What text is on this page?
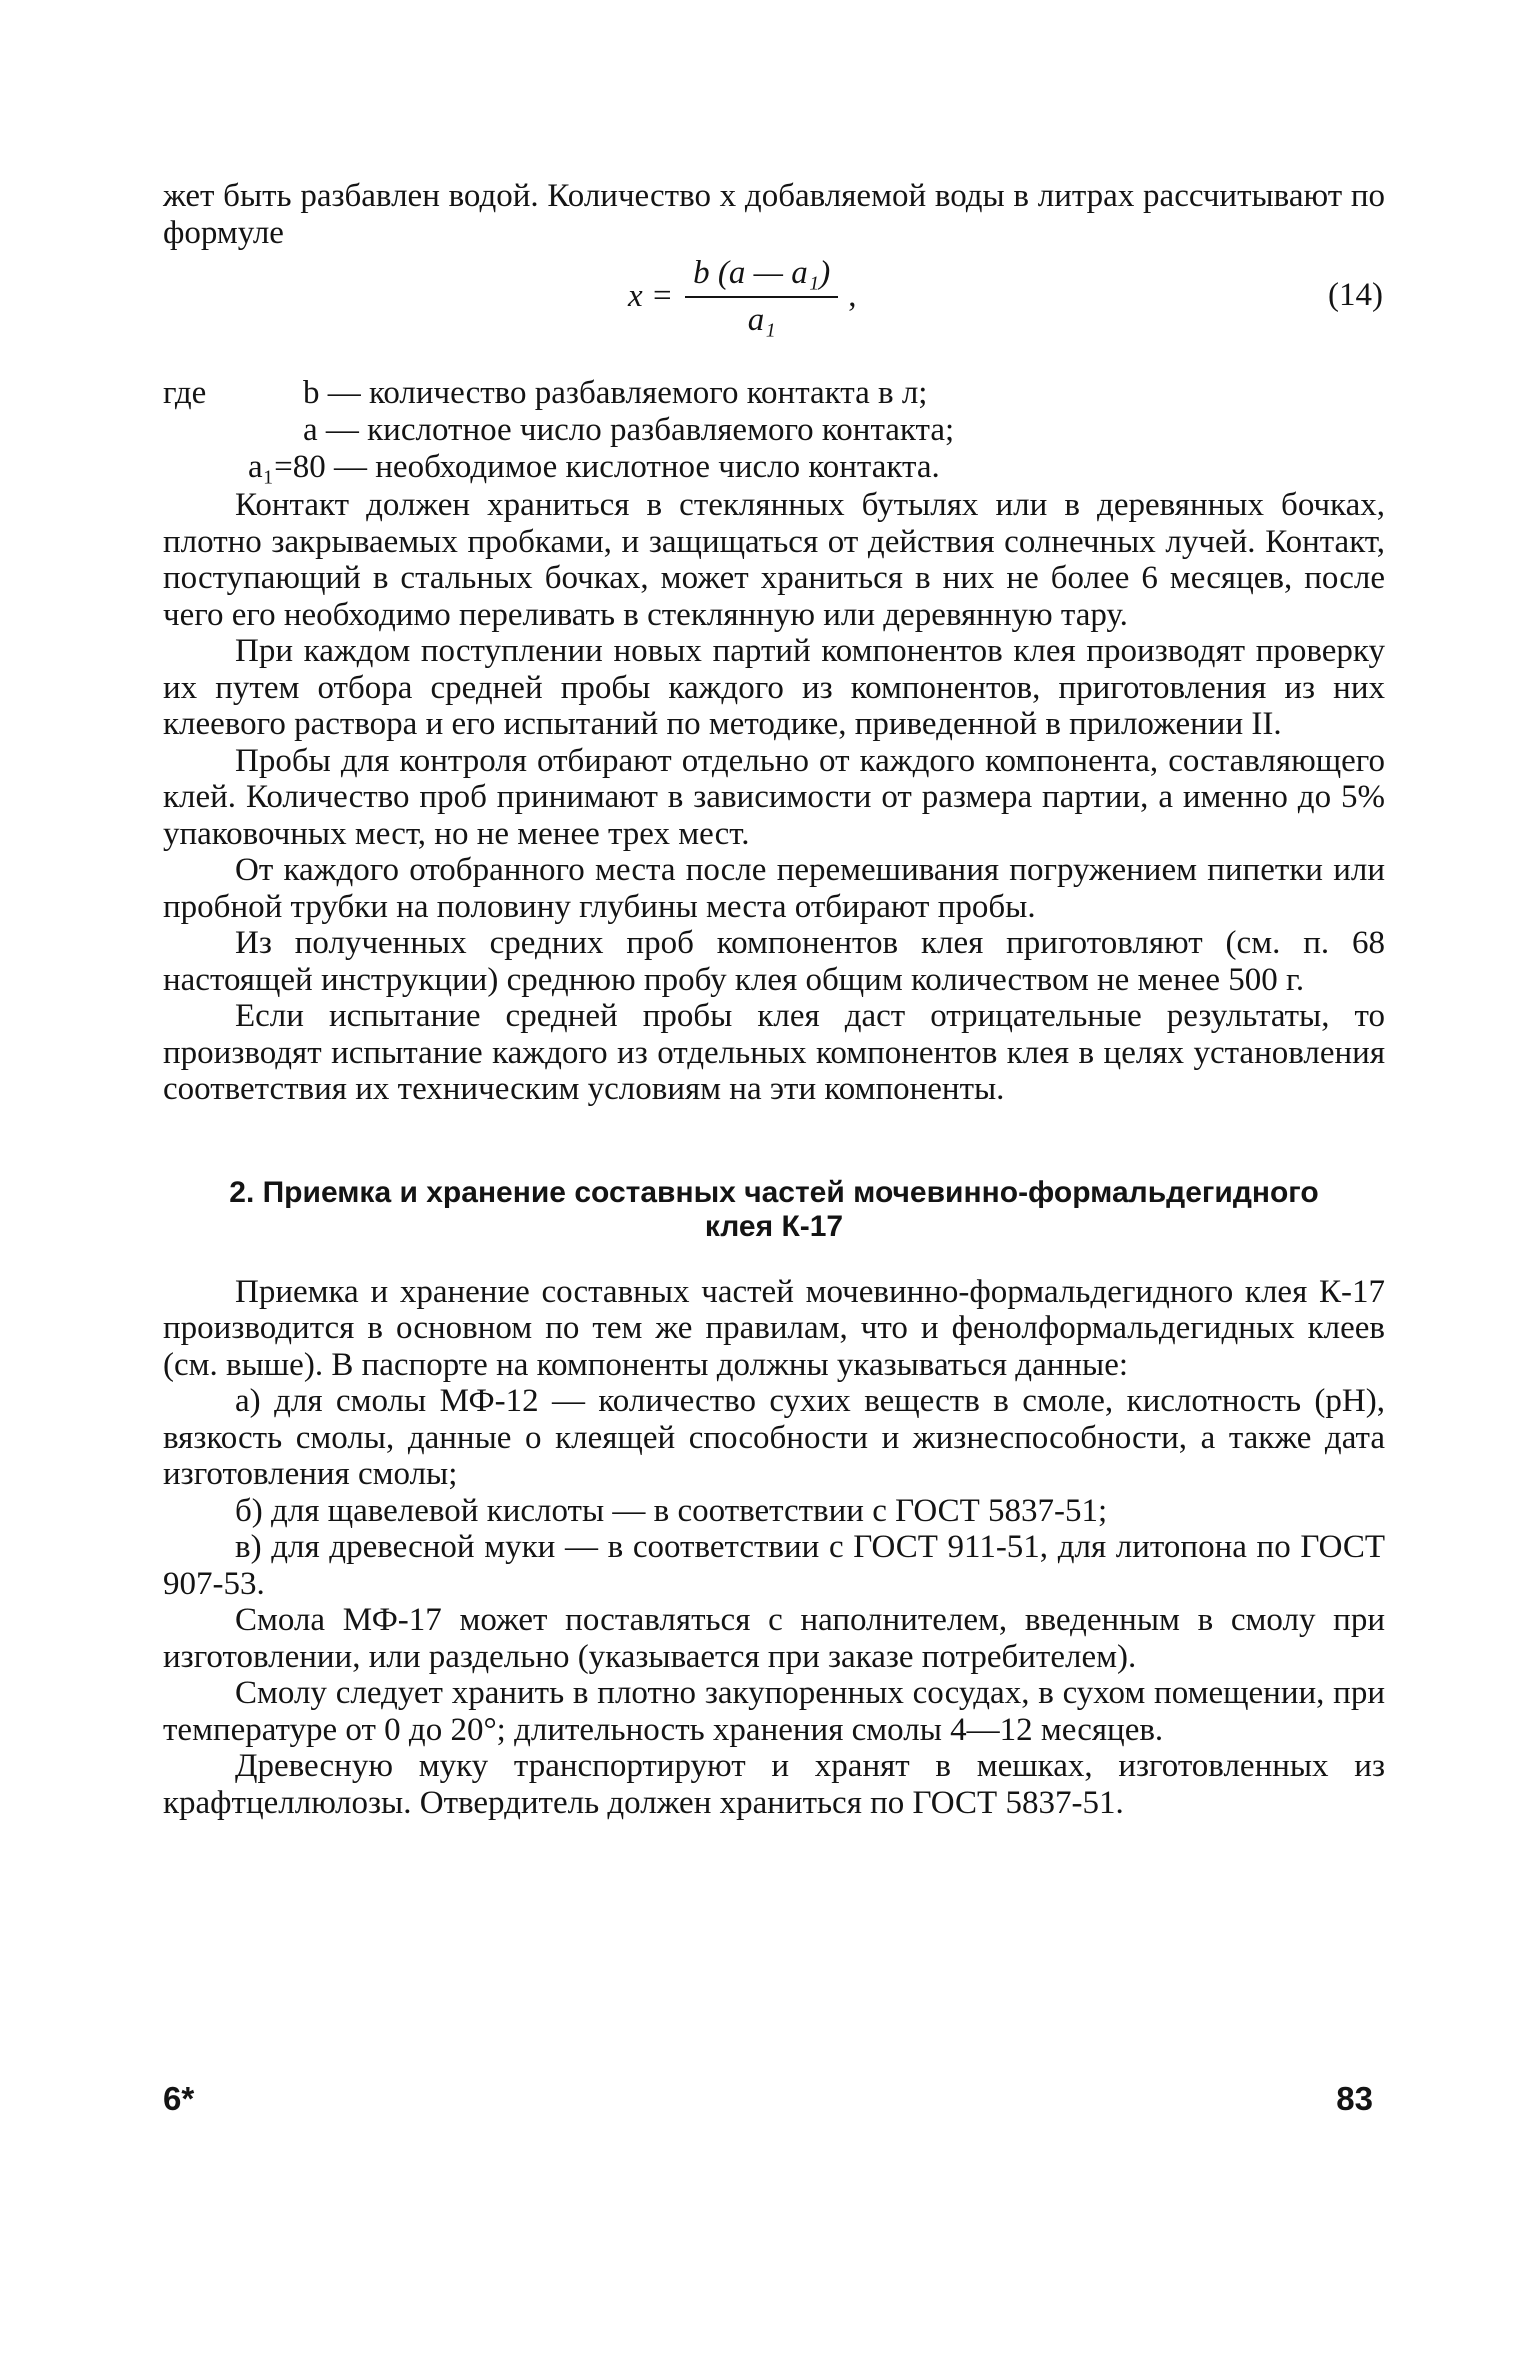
жет быть разбавлен водой. Количество x добавляемой воды в литрах рассчитывают по формуле

$x = \frac{\text{b (a — a₁)}}{\text{a₁}}$ ,	(14)
где	b — количество разбавляемого контакта в л;
a — кислотное число разбавляемого контакта;
a₁=80 — необходимое кислотное число контакта.

Контакт должен храниться в стеклянных бутылях или в деревянных бочках, плотно закрываемых пробками, и защищаться от действия солнечных лучей. Контакт, поступающий в стальных бочках, может храниться в них не более 6 месяцев, после чего его необходимо переливать в стеклянную или деревянную тару.

При каждом поступлении новых партий компонентов клея производят проверку их путем отбора средней пробы каждого из компонентов, приготовления из них клеевого раствора и его испытаний по методике, приведенной в приложении II.

Пробы для контроля отбирают отдельно от каждого компонента, составляющего клей. Количество проб принимают в зависимости от размера партии, а именно до 5% упаковочных мест, но не менее трех мест.

От каждого отобранного места после перемешивания погружением пипетки или пробной трубки на половину глубины места отбирают пробы.

Из полученных средних проб компонентов клея приготовляют (см. п. 68 настоящей инструкции) среднюю пробу клея общим количеством не менее 500 г.

Если испытание средней пробы клея даст отрицательные результаты, то производят испытание каждого из отдельных компонентов клея в целях установления соответствия их техническим условиям на эти компоненты.

2. Приемка и хранение составных частей мочевинно-формальдегидного
клея К-17

Приемка и хранение составных частей мочевинно-формальдегидного клея К-17 производится в основном по тем же правилам, что и фенолформальдегидных клеев (см. выше). В паспорте на компоненты должны указываться данные:

а) для смолы МФ-12 — количество сухих веществ в смоле, кислотность (рН), вязкость смолы, данные о клеящей способности и жизнеспособности, а также дата изготовления смолы;

б) для щавелевой кислоты — в соответствии с ГОСТ 5837-51;

в) для древесной муки — в соответствии с ГОСТ 911-51, для литопона по ГОСТ 907-53.

Смола МФ-17 может поставляться с наполнителем, введенным в смолу при изготовлении, или раздельно (указывается при заказе потребителем).

Смолу следует хранить в плотно закупоренных сосудах, в сухом помещении, при температуре от 0 до 20°; длительность хранения смолы 4—12 месяцев.

Древесную муку транспортируют и хранят в мешках, изготовленных из крафтцеллюлозы. Отвердитель должен храниться по ГОСТ 5837-51.

6*	83
